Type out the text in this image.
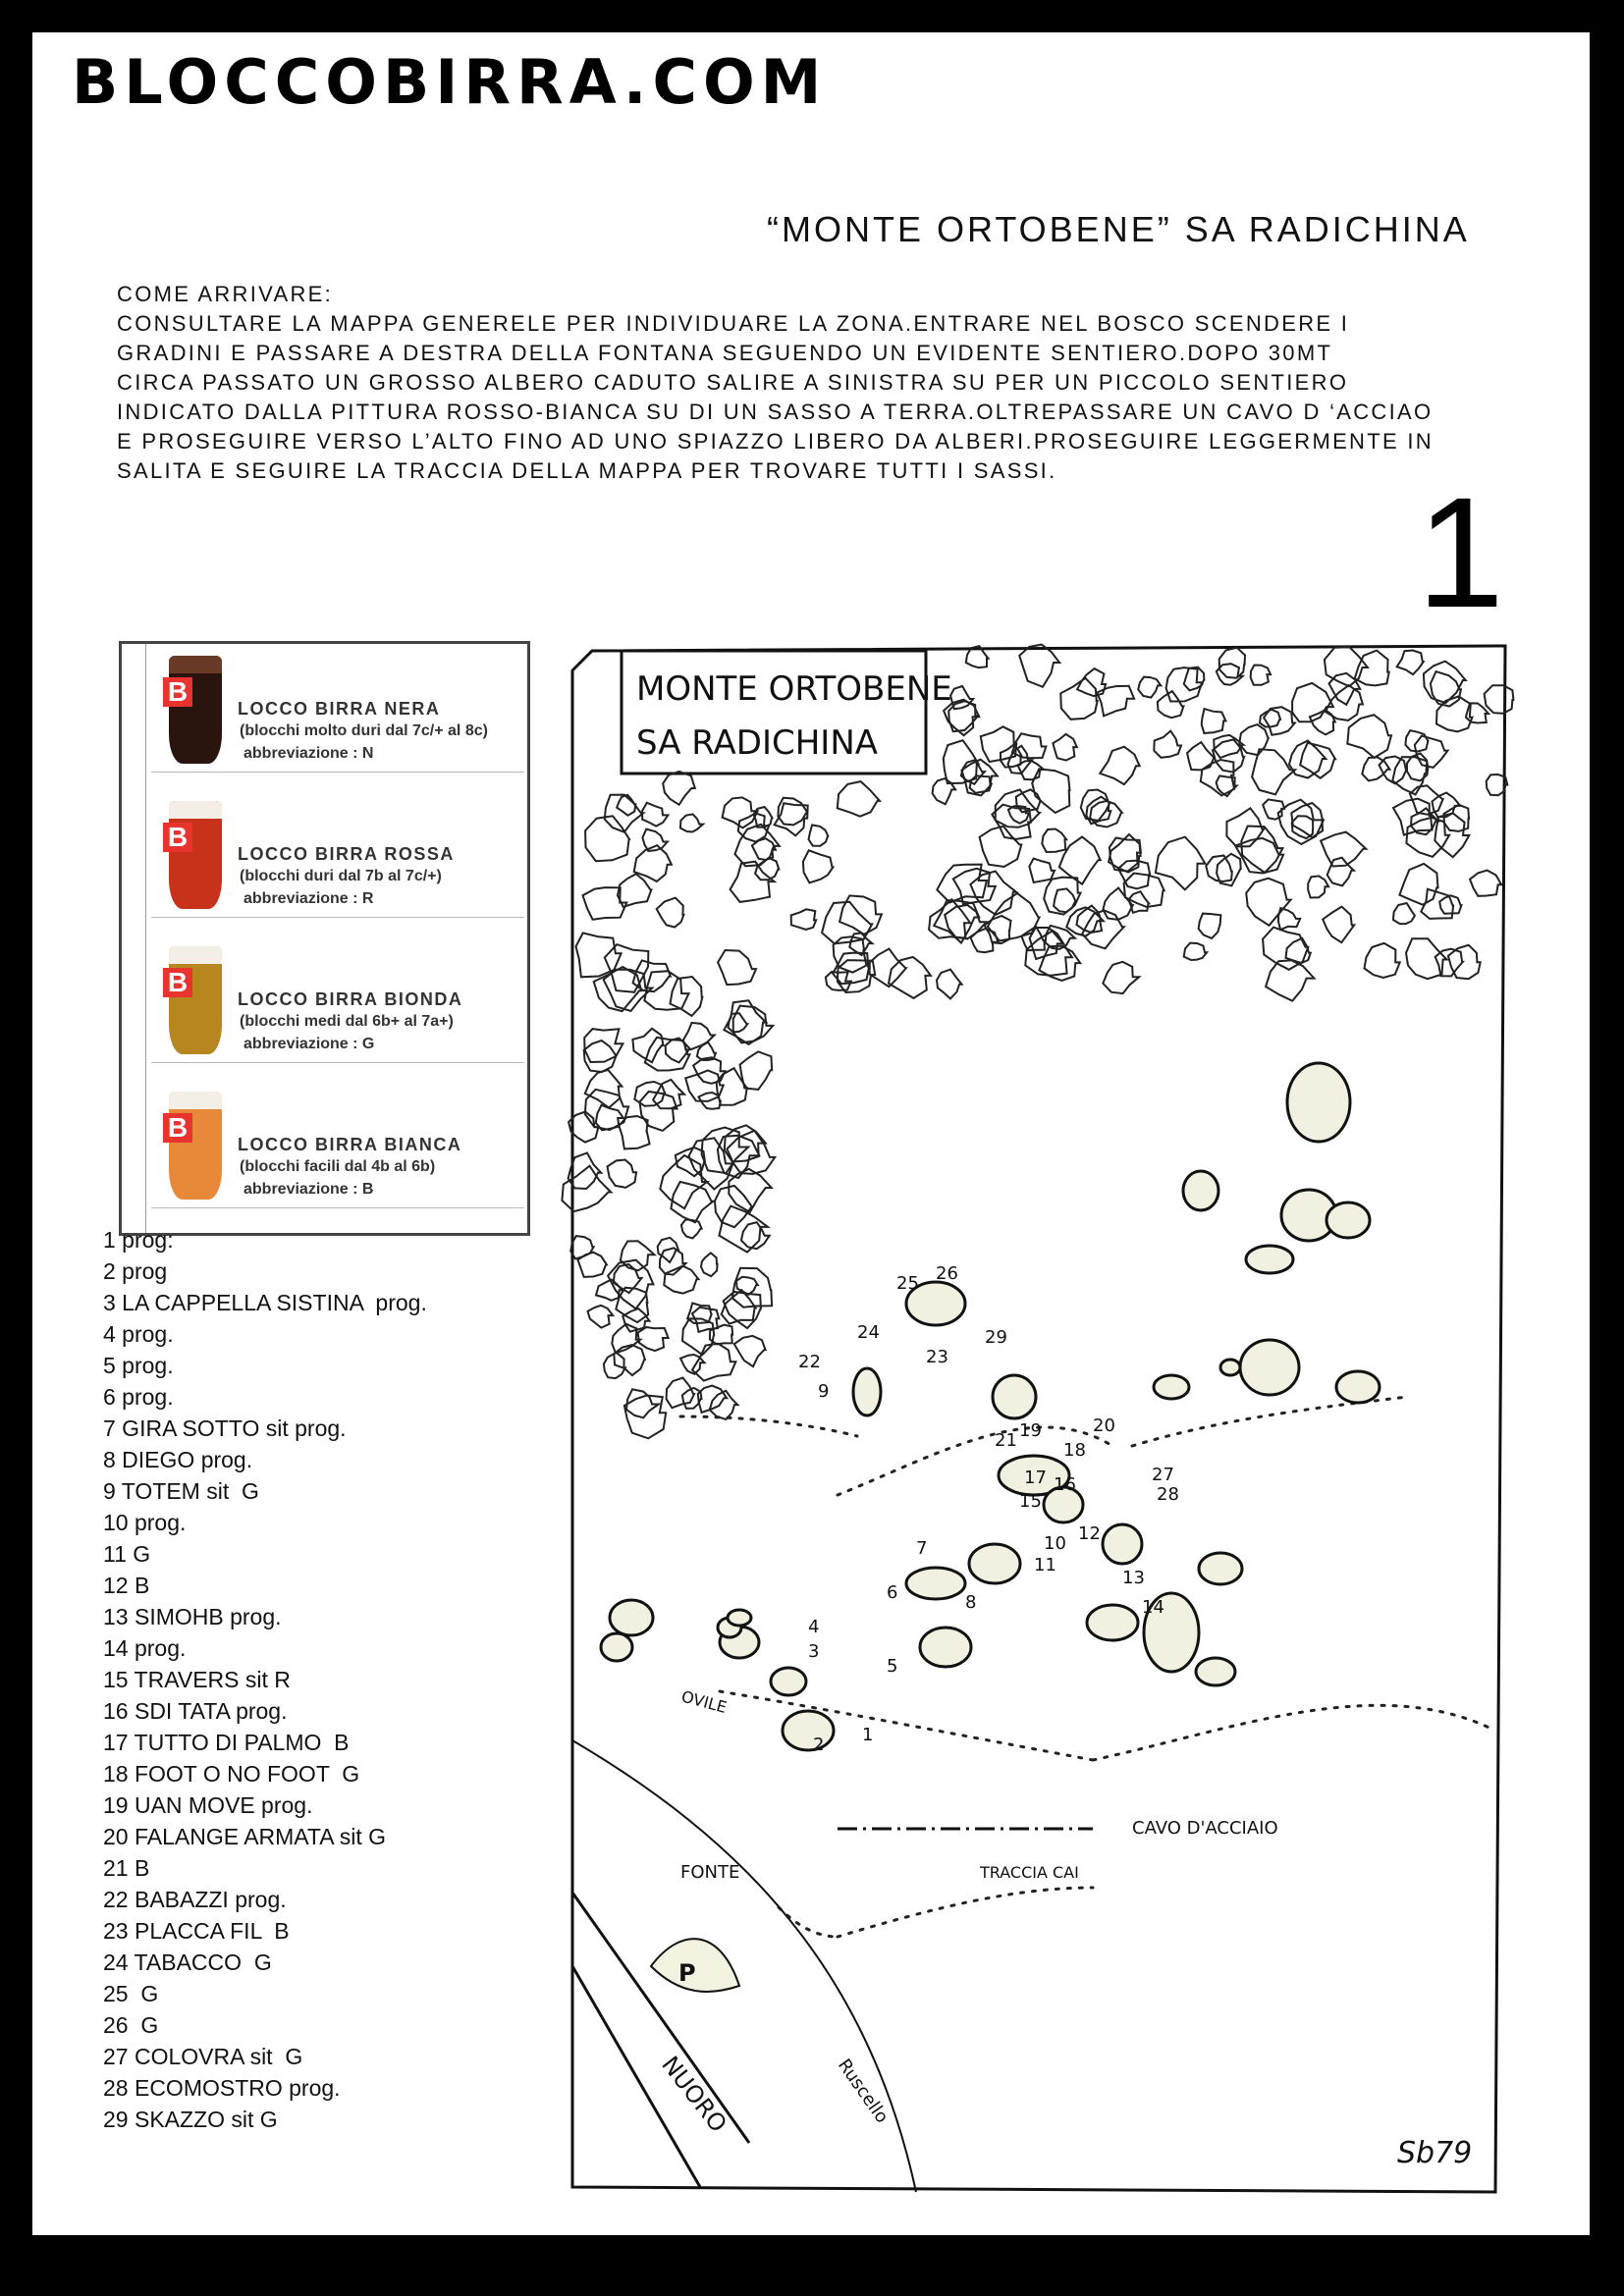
BLOCCOBIRRA.COM
“MONTE ORTOBENE” SA RADICHINA
COME ARRIVARE:
CONSULTARE LA MAPPA GENERELE PER INDIVIDUARE LA ZONA.ENTRARE NEL BOSCO SCENDERE I
GRADINI E PASSARE A DESTRA DELLA FONTANA SEGUENDO UN EVIDENTE SENTIERO.DOPO 30MT
CIRCA PASSATO UN GROSSO ALBERO CADUTO SALIRE A SINISTRA SU PER UN PICCOLO SENTIERO
INDICATO DALLA PITTURA ROSSO-BIANCA SU DI UN SASSO A TERRA.OLTREPASSARE UN CAVO D ‘ACCIAO
E PROSEGUIRE VERSO L’ALTO FINO AD UNO SPIAZZO LIBERO DA ALBERI.PROSEGUIRE LEGGERMENTE IN
SALITA E SEGUIRE LA TRACCIA DELLA MAPPA PER TROVARE TUTTI I SASSI.	1
B
LOCCO BIRRA NERA
(blocchi molto duri dal 7c/+ al 8c)
abbreviazione : N
B
LOCCO BIRRA ROSSA
(blocchi duri dal 7b al 7c/+)
abbreviazione : R
B
LOCCO BIRRA BIONDA
(blocchi medi dal 6b+ al 7a+)
abbreviazione : G
B
LOCCO BIRRA BIANCA
(blocchi facili dal 4b al 6b)
abbreviazione : B
1 prog:
2 prog
3 LA CAPPELLA SISTINA  prog.
4 prog.
5 prog.
6 prog.
7 GIRA SOTTO sit prog.
8 DIEGO prog.
9 TOTEM sit  G
10 prog.
11 G
12 B
13 SIMOHB prog.
14 prog.
15 TRAVERS sit R
16 SDI TATA prog.
17 TUTTO DI PALMO  B
18 FOOT O NO FOOT  G
19 UAN MOVE prog.
20 FALANGE ARMATA sit G
21 B
22 BABAZZI prog.
23 PLACCA FIL  B
24 TABACCO  G
25  G
26  G
27 COLOVRA sit  G
28 ECOMOSTRO prog.
29 SKAZZO sit G
MONTE ORTOBENE
SA RADICHINA
P
25 26
24
23
29
22
9
21
20
18
19
17 16	27
28
15
12
10
11
8
7
6
13
14
4
5
3
2 1
OVILE
CAVO D'ACCIAIO
TRACCIA CAI
FONTE
NUORO	Ruscello
Sb79
SASSISMO BARBARICINO
